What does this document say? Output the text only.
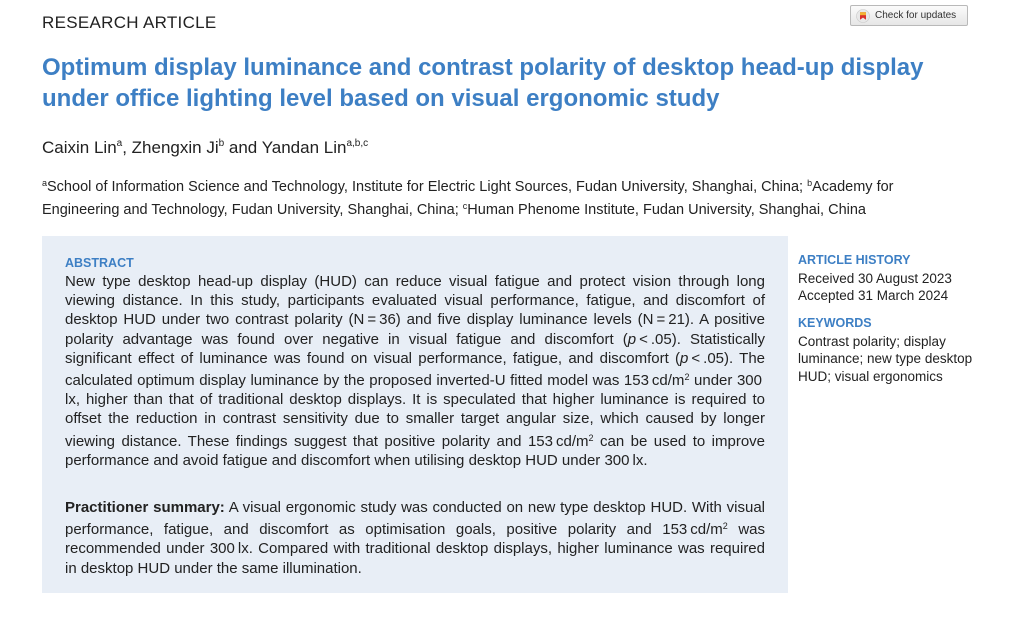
RESEARCH ARTICLE	Check for updates
Optimum display luminance and contrast polarity of desktop head-up display under office lighting level based on visual ergonomic study
Caixin Lin$^a$, Zhengxin Ji$^b$ and Yandan Lin$^{a,b,c}$
$^a$School of Information Science and Technology, Institute for Electric Light Sources, Fudan University, Shanghai, China; $^b$Academy for Engineering and Technology, Fudan University, Shanghai, China; $^c$Human Phenome Institute, Fudan University, Shanghai, China
ABSTRACT

New type desktop head-up display (HUD) can reduce visual fatigue and protect vision through long viewing distance. In this study, participants evaluated visual performance, fatigue, and discomfort of desktop HUD under two contrast polarity (N = 36) and five display luminance levels (N = 21). A positive polarity advantage was found over negative in visual fatigue and discomfort (p < .05). Statistically significant effect of luminance was found on visual performance, fatigue, and discomfort (p < .05). The calculated optimum display luminance by the proposed inverted-U fitted model was 153 $cd/m^2$ under 300 lx, higher than that of traditional desktop displays. It is speculated that higher luminance is required to offset the reduction in contrast sensitivity due to smaller target angular size, which caused by longer viewing distance. These findings suggest that positive polarity and 153 $cd/m^2$ can be used to improve performance and avoid fatigue and discomfort when utilising desktop HUD under 300 lx.

Practitioner summary: A visual ergonomic study was conducted on new type desktop HUD. With visual performance, fatigue, and discomfort as optimisation goals, positive polarity and 153 $cd/m^2$ was recommended under 300 lx. Compared with traditional desktop displays, higher luminance was required in desktop HUD under the same illumination.

ARTICLE HISTORY
Received 30 August 2023
Accepted 31 March 2024
KEYWORDS
Contrast polarity; display luminance; new type desktop HUD; visual ergonomics
